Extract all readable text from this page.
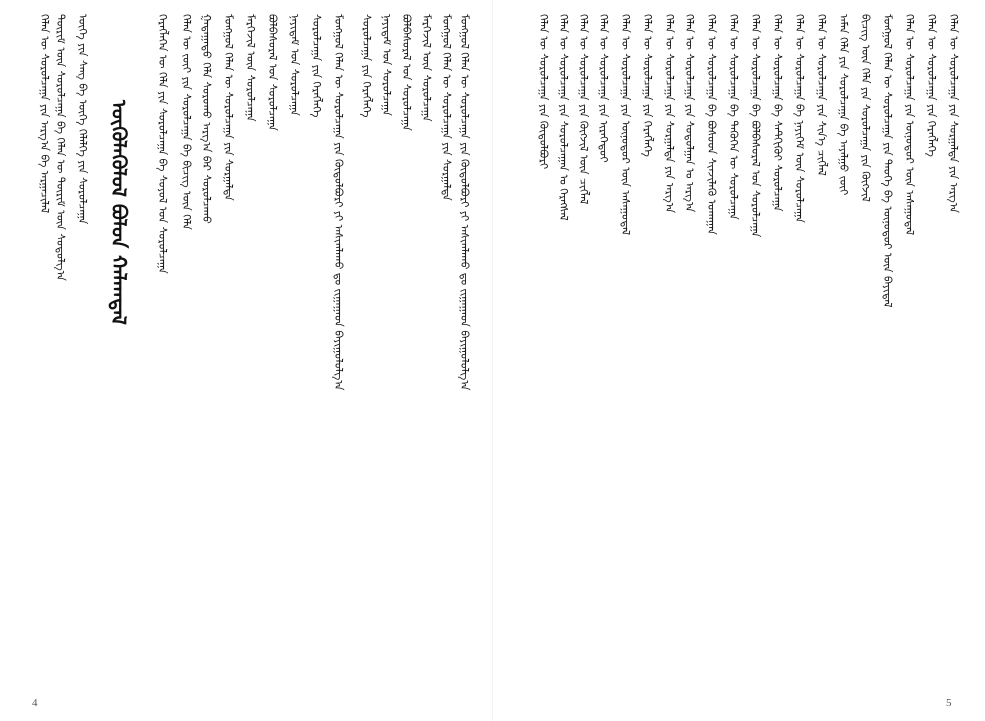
ᠬᠡᠯᠡᠨ ᠦ ᠰᠤᠷᠤᠯᠴᠠᠭᠠ ᠶᠢᠨ ᠠᠷᠭ᠎ᠠ ᠪᠠ ᠠᠷᠭᠠᠴᠢᠯᠠᠯ ᠳᠦᠷᠢᠮ ᠦᠨ ᠰᠤᠷᠤᠯᠴᠠᠭᠠ ᠪᠠ ᠬᠡᠯᠡᠨ ᠦ ᠳᠦᠷᠢᠮ ᠦᠨ ᠰᠤᠳᠤᠯᠭ᠎ᠠ ᠦᠭᠡ ᠶᠢᠨ ᠰᠠᠩ ᠪᠠ ᠦᠭᠡ ᠬᠡᠯᠡᠯᠭᠡ ᠶᠢᠨ ᠰᠤᠷᠤᠯᠴᠠᠭᠠ ᠦᠭᠦᠯᠡᠭᠦᠯᠦᠯ ᠪᠤᠯᠤᠨ ᠬᠠᠯᠠᠭᠳᠠᠯ ᠬᠡᠷᠡᠭᠯᠡᠭᠡᠨ ᠦ ᠬᠡᠯᠡ ᠶᠢᠨ ᠰᠤᠷᠤᠯᠴᠠᠭᠠ ᠪᠠ ᠰᠣᠶᠣᠯ ᠤᠨ ᠰᠤᠷᠤᠯᠴᠠᠭᠠ ᠬᠡᠯᠡᠨ ᠦ ᠵᠦᠢ ᠶᠢᠨ ᠰᠤᠷᠤᠯᠴᠠᠭᠠ ᠪᠠ ᠪᠢᠴᠢᠭ ᠦᠨ ᠬᠡᠯᠡ ᠭᠠᠳᠠᠭᠠᠳᠤ ᠬᠡᠯᠡ ᠰᠤᠷᠤᠬᠤ ᠠᠷᠭ᠎ᠠ ᠪᠠᠷ ᠰᠤᠷᠤᠯᠴᠠᠬᠤ ᠮᠣᠩᠭᠣᠯ ᠬᠡᠯᠡᠨ ᠦ ᠰᠤᠷᠤᠯᠴᠠᠭᠠ ᠶᠢᠨ ᠰᠤᠷᠭᠠᠯᠲᠠ ᠮᠡᠷᠭᠡᠵᠢᠯ ᠦᠨ ᠰᠤᠷᠤᠯᠴᠠᠭᠠ ᠪᠣᠯᠪᠠᠰᠤᠷᠠᠯ ᠤᠨ ᠰᠤᠷᠤᠯᠴᠠᠭᠠ ᠨᠡᠶᠢᠳᠡᠮ ᠤᠨ ᠰᠤᠷᠤᠯᠴᠠᠭᠠ ᠰᠤᠷᠤᠯᠴᠠᠭᠠ ᠶᠢᠨ ᠬᠡᠷᠡᠭᠯᠡᠭᠡ ᠮᠣᠩᠭᠣᠯ ᠬᠡᠯᠡᠨ ᠦ ᠰᠤᠷᠤᠯᠴᠠᠭᠠ ᠶᠢᠨ ᠬᠥᠲᠦᠯᠪᠦᠷᠢ ᠶᠢ ᠠᠰᠢᠭᠯᠠᠬᠤ ᠳᠤ ᠵᠢᠭᠠᠭᠠᠳ ᠪᠠᠶᠢᠭᠤᠯᠤᠯᠭ᠎ᠠ ᠰᠤᠷᠤᠯᠴᠠᠭᠠ ᠶᠢᠨ ᠬᠡᠷᠡᠭᠯᠡᠭᠡ ᠨᠡᠶᠢᠳᠡᠮ ᠤᠨ ᠰᠤᠷᠤᠯᠴᠠᠭᠠ ᠪᠣᠯᠪᠠᠰᠤᠷᠠᠯ ᠤᠨ ᠰᠤᠷᠤᠯᠴᠠᠭᠠ ᠮᠡᠷᠭᠡᠵᠢᠯ ᠦᠨ ᠰᠤᠷᠤᠯᠴᠠᠭᠠ ᠮᠣᠩᠭᠣᠯ ᠬᠡᠯᠡᠨ ᠦ ᠰᠤᠷᠤᠯᠴᠠᠭᠠ ᠶᠢᠨ ᠰᠤᠷᠭᠠᠯᠲᠠ ᠮᠣᠩᠭᠣᠯ ᠬᠡᠯᠡᠨ ᠦ ᠰᠤᠷᠤᠯᠴᠠᠭᠠ ᠶᠢᠨ ᠬᠥᠲᠦᠯᠪᠦᠷᠢ ᠶᠢ ᠠᠰᠢᠭᠯᠠᠬᠤ ᠳᠤ ᠵᠢᠭᠠᠭᠠᠳ ᠪᠠᠶᠢᠭᠤᠯᠤᠯᠭ᠎ᠠ
4
ᠬᠡᠯᠡᠨ ᠦ ᠰᠤᠷᠤᠯᠴᠠᠭᠠ ᠶᠢᠨ ᠬᠥᠲᠦᠯᠪᠦᠷᠢ ᠬᠡᠯᠡᠨ ᠦ ᠰᠤᠷᠤᠯᠴᠠᠭᠠ ᠶᠢᠨ ᠰᠤᠷᠤᠯᠴᠠᠭᠠᠨ ᠤ ᠬᠡᠷᠡᠭᠰᠡᠯ ᠬᠡᠯᠡᠨ ᠦ ᠰᠤᠷᠤᠯᠴᠠᠭᠠ ᠶᠢᠨ ᠬᠥᠭᠵᠢᠯ ᠦᠨ ᠴᠢᠭᠯᠡᠯ ᠬᠡᠯᠡᠨ ᠦ ᠰᠤᠷᠤᠯᠴᠠᠭᠠ ᠶᠢᠨ ᠢᠷᠡᠭᠡᠳᠦᠢ ᠬᠡᠯᠡᠨ ᠦ ᠰᠤᠷᠤᠯᠴᠠᠭᠠ ᠶᠢᠨ ᠥᠨᠥᠳᠦᠷ ᠦᠨ ᠠᠰᠠᠭᠤᠳᠠᠯ ᠬᠡᠯᠡᠨ ᠦ ᠰᠤᠷᠤᠯᠴᠠᠭᠠ ᠶᠢᠨ ᠬᠡᠷᠡᠭᠯᠡᠭᠡ ᠬᠡᠯᠡᠨ ᠦ ᠰᠤᠷᠤᠯᠴᠠᠭᠠ ᠶᠢᠨ ᠰᠤᠷᠭᠠᠯᠲᠠ ᠶᠢᠨ ᠠᠷᠭ᠎ᠠ ᠬᠡᠯᠡᠨ ᠦ ᠰᠤᠷᠤᠯᠴᠠᠭᠠ ᠶᠢᠨ ᠰᠤᠳᠤᠯᠭᠠᠨ ᠤ ᠠᠷᠭ᠎ᠠ ᠬᠡᠯᠡᠨ ᠦ ᠰᠤᠷᠤᠯᠴᠠᠭᠠ ᠪᠠ ᠪᠤᠰᠤᠳ ᠰᠢᠨᠵᠢᠯᠡᠬᠦ ᠤᠬᠠᠭᠠᠨ ᠬᠡᠯᠡᠨ ᠦ ᠰᠤᠷᠤᠯᠴᠠᠭᠠ ᠪᠠ ᠲᠡᠭᠦᠬᠡᠨ ᠦ ᠰᠤᠷᠤᠯᠴᠠᠭᠠ ᠬᠡᠯᠡᠨ ᠦ ᠰᠤᠷᠤᠯᠴᠠᠭᠠ ᠪᠠ ᠪᠣᠯᠪᠠᠰᠤᠷᠠᠯ ᠤᠨ ᠰᠤᠷᠤᠯᠴᠠᠭᠠ ᠬᠡᠯᠡᠨ ᠦ ᠰᠤᠷᠤᠯᠴᠠᠭᠠ ᠪᠠ ᠰᠡᠲᠭᠢᠬᠦᠢ ᠰᠤᠷᠤᠯᠴᠠᠭᠠ ᠬᠡᠯᠡᠨ ᠦ ᠰᠤᠷᠤᠯᠴᠠᠭᠠ ᠪᠠ ᠨᠡᠶᠢᠭᠡᠮ ᠦᠨ ᠰᠤᠷᠤᠯᠴᠠᠭᠠ ᠬᠡᠯᠡᠨ ᠦ ᠰᠤᠷᠤᠯᠴᠠᠭᠠ ᠶᠢᠨ ᠰᠢᠨ᠎ᠡ ᠴᠢᠭᠯᠡᠯ ᠠᠮᠠᠨ ᠬᠡᠯᠡ ᠶᠢᠨ ᠰᠤᠷᠤᠯᠴᠠᠭᠠ ᠪᠠ ᠠᠶᠠᠯᠭᠤ ᠵᠦᠢ ᠪᠢᠴᠢᠭ ᠦᠨ ᠬᠡᠯᠡ ᠶᠢᠨ ᠰᠤᠷᠤᠯᠴᠠᠭᠠ ᠶᠢᠨ ᠬᠥᠭᠵᠢᠯ ᠮᠣᠩᠭᠣᠯ ᠬᠡᠯᠡᠨ ᠦ ᠰᠤᠷᠤᠯᠴᠠᠭᠠ ᠶᠢᠨ ᠲᠡᠦᠬᠡ ᠪᠠ ᠥᠨᠥᠳᠦᠷ ᠦᠨ ᠪᠠᠶᠢᠳᠠᠯ ᠬᠡᠯᠡᠨ ᠦ ᠰᠤᠷᠤᠯᠴᠠᠭᠠ ᠶᠢᠨ ᠥᠨᠥᠳᠦᠷ ᠦᠨ ᠠᠰᠠᠭᠤᠳᠠᠯ ᠬᠡᠯᠡᠨ ᠦ ᠰᠤᠷᠤᠯᠴᠠᠭᠠ ᠶᠢᠨ ᠬᠡᠷᠡᠭᠯᠡᠭᠡ ᠬᠡᠯᠡᠨ ᠦ ᠰᠤᠷᠤᠯᠴᠠᠭᠠ ᠶᠢᠨ ᠰᠤᠷᠭᠠᠯᠲᠠ ᠶᠢᠨ ᠠᠷᠭ᠎ᠠ
5
